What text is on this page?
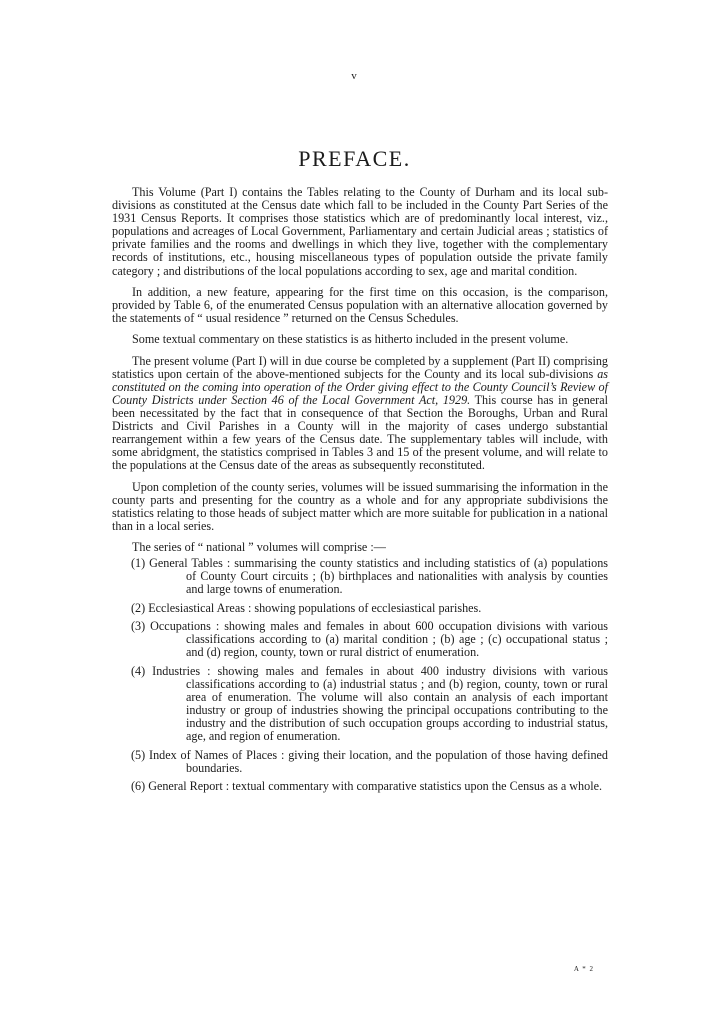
v
PREFACE.

This Volume (Part I) contains the Tables relating to the County of Durham and its local sub-divisions as constituted at the Census date which fall to be included in the County Part Series of the 1931 Census Reports. It comprises those statistics which are of predominantly local interest, viz., populations and acreages of Local Government, Parliamentary and certain Judicial areas ; statistics of private families and the rooms and dwellings in which they live, together with the complementary records of institutions, etc., housing miscellaneous types of population outside the private family category ; and distributions of the local populations according to sex, age and marital condition.

In addition, a new feature, appearing for the first time on this occasion, is the comparison, provided by Table 6, of the enumerated Census population with an alternative allocation governed by the statements of “ usual residence ” returned on the Census Schedules.

Some textual commentary on these statistics is as hitherto included in the present volume.

The present volume (Part I) will in due course be completed by a supplement (Part II) comprising statistics upon certain of the above-mentioned subjects for the County and its local sub-divisions as constituted on the coming into operation of the Order giving effect to the County Council’s Review of County Districts under Section 46 of the Local Government Act, 1929. This course has in general been necessitated by the fact that in consequence of that Section the Boroughs, Urban and Rural Districts and Civil Parishes in a County will in the majority of cases undergo substantial rearrangement within a few years of the Census date. The supplementary tables will include, with some abridgment, the statistics comprised in Tables 3 and 15 of the present volume, and will relate to the populations at the Census date of the areas as subsequently reconstituted.

Upon completion of the county series, volumes will be issued summarising the information in the county parts and presenting for the country as a whole and for any appropriate subdivisions the statistics relating to those heads of subject matter which are more suitable for publication in a national than in a local series.

The series of “ national ” volumes will comprise :—

(1) General Tables : summarising the county statistics and including statistics of (a) populations of County Court circuits ; (b) birthplaces and nationalities with analysis by counties and large towns of enumeration.
(2) Ecclesiastical Areas : showing populations of ecclesiastical parishes.
(3) Occupations : showing males and females in about 600 occupation divisions with various classifications according to (a) marital condition ; (b) age ; (c) occupational status ; and (d) region, county, town or rural district of enumeration.
(4) Industries : showing males and females in about 400 industry divisions with various classifications according to (a) industrial status ; and (b) region, county, town or rural area of enumeration. The volume will also contain an analysis of each important industry or group of industries showing the principal occupations contributing to the industry and the distribution of such occupation groups according to industrial status, age, and region of enumeration.
(5) Index of Names of Places : giving their location, and the population of those having defined boundaries.
(6) General Report : textual commentary with comparative statistics upon the Census as a whole.
A * 2
